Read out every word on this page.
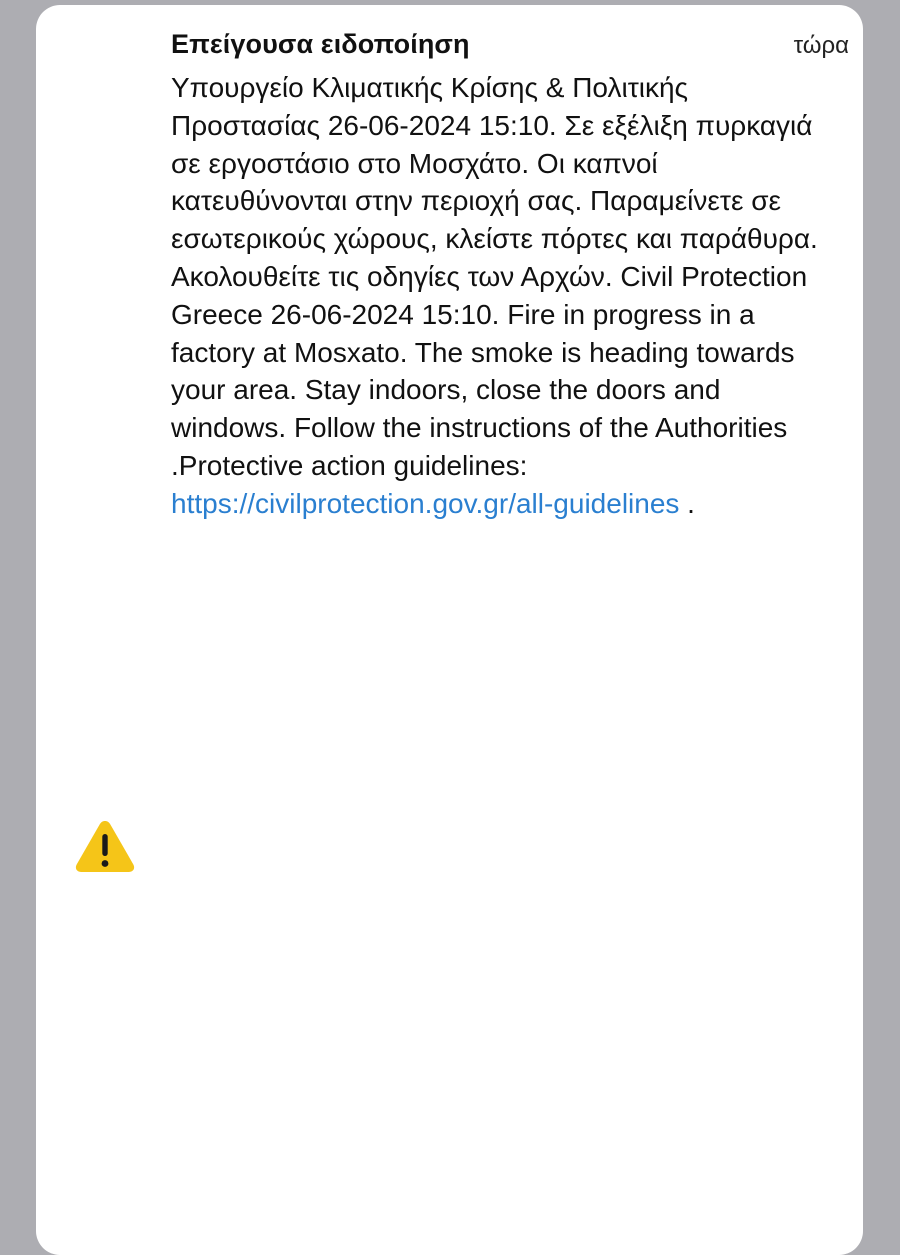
Επείγουσα ειδοποίηση	τώρα

Υπουργείο Κλιματικής Κρίσης & Πολιτικής Προστασίας 26-06-2024 15:10. Σε εξέλιξη πυρκαγιά σε εργοστάσιο στο Μοσχάτο. Οι καπνοί κατευθύνονται στην περιοχή σας. Παραμείνετε σε εσωτερικούς χώρους, κλείστε πόρτες και παράθυρα. Ακολουθείτε τις οδηγίες των Αρχών. Civil Protection Greece 26-06-2024 15:10. Fire in progress in a factory at Mosxato. The smoke is heading towards your area. Stay indoors, close the doors and windows. Follow the instructions of the Authorities .Protective action guidelines: https://civilprotection.gov.gr/all-guidelines .
